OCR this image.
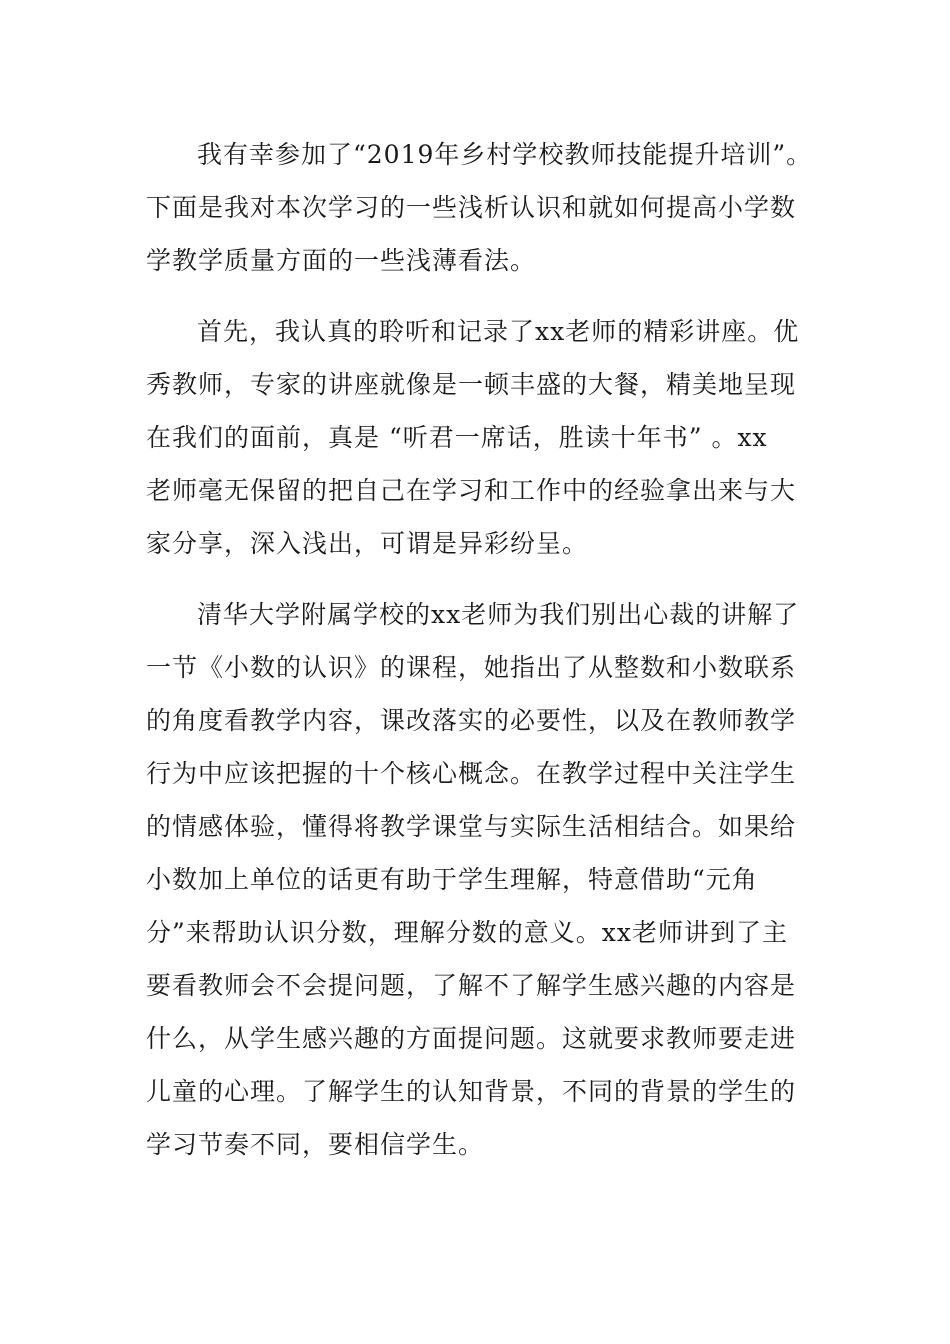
我有幸参加了“2019年乡村学校教师技能提升培训”。
下面是我对本次学习的一些浅析认识和就如何提高小学数
学教学质量方面的一些浅薄看法。
首先，我认真的聆听和记录了xx老师的精彩讲座。优
秀教师，专家的讲座就像是一顿丰盛的大餐，精美地呈现
在我们的面前，真是 “听君一席话，胜读十年书” 。xx
老师毫无保留的把自己在学习和工作中的经验拿出来与大
家分享，深入浅出，可谓是异彩纷呈。
清华大学附属学校的xx老师为我们别出心裁的讲解了
一节《小数的认识》的课程，她指出了从整数和小数联系
的角度看教学内容，课改落实的必要性，以及在教师教学
行为中应该把握的十个核心概念。在教学过程中关注学生
的情感体验，懂得将教学课堂与实际生活相结合。如果给
小数加上单位的话更有助于学生理解，特意借助“元角
分”来帮助认识分数，理解分数的意义。xx老师讲到了主
要看教师会不会提问题，了解不了解学生感兴趣的内容是
什么，从学生感兴趣的方面提问题。这就要求教师要走进
儿童的心理。了解学生的认知背景，不同的背景的学生的
学习节奏不同，要相信学生。
